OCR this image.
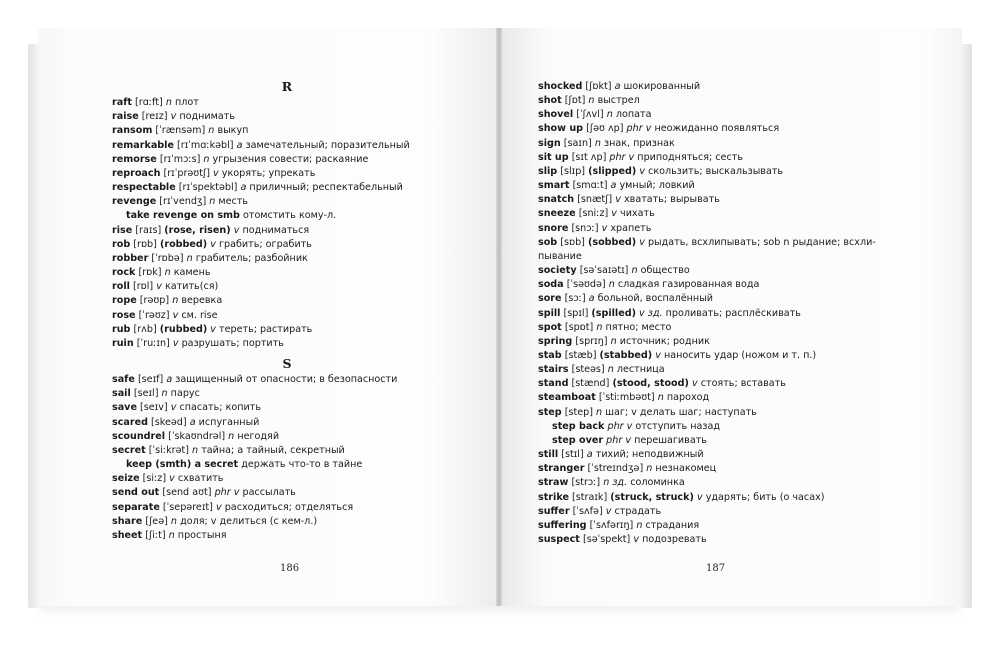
R
raft [rɑːft] n плот
raise [reɪz] v поднимать
ransom [ˈrænsəm] n выкуп
remarkable [rɪˈmɑːkəbl] a замечательный; поразительный
remorse [rɪˈmɔːs] n угрызения совести; раскаяние
reproach [rɪˈprəʊtʃ] v укорять; упрекать
respectable [rɪˈspektəbl] a приличный; респектабельный
revenge [rɪˈvendʒ] n месть
take revenge on smb отомстить кому-л.
rise [raɪs] (rose, risen) v подниматься
rob [rɒb] (robbed) v грабить; ограбить
robber [ˈrɒbə] n грабитель; разбойник
rock [rɒk] n камень
roll [rɒl] v катить(ся)
rope [rəʊp] n веревка
rose [ˈrəʊz] v см. rise
rub [rʌb] (rubbed) v тереть; растирать
ruin [ˈruːɪn] v разрушать; портить
S
safe [seɪf] a защищенный от опасности; в безопасности
sail [seɪl] n парус
save [seɪv] v спасать; копить
scared [skeəd] a испуганный
scoundrel [ˈskaʊndrəl] n негодяй
secret [ˈsiːkrət] n тайна; a тайный, секретный
keep (smth) a secret держать что-то в тайне
seize [siːz] v схватить
send out [send aʊt] phr v рассылать
separate [ˈsepəreɪt] v расходиться; отделяться
share [ʃeə] n доля; v делиться (с кем-л.)
sheet [ʃiːt] n простыня
shocked [ʃɒkt] a шокированный
shot [ʃɒt] n выстрел
shovel [ˈʃʌvl] n лопата
show up [ʃəʊ ʌp] phr v неожиданно появляться
sign [saɪn] n знак, признак
sit up [sɪt ʌp] phr v приподняться; сесть
slip [slɪp] (slipped) v скользить; выскальзывать
smart [smɑːt] a умный; ловкий
snatch [snætʃ] v хватать; вырывать
sneeze [sniːz] v чихать
snore [snɔː] v храпеть
sob [sɒb] (sobbed) v рыдать, всхлипывать; sob n рыдание; всхли-
пывание
society [səˈsaɪətɪ] n общество
soda [ˈsəʊdə] n сладкая газированная вода
sore [sɔː] a больной, воспалённый
spill [spɪl] (spilled) v зд. проливать; расплёскивать
spot [spɒt] n пятно; место
spring [sprɪŋ] n источник; родник
stab [stæb] (stabbed) v наносить удар (ножом и т. п.)
stairs [steəs] n лестница
stand [stænd] (stood, stood) v стоять; вставать
steamboat [ˈstiːmbəʊt] n пароход
step [step] n шаг; v делать шаг; наступать
step back phr v отступить назад
step over phr v перешагивать
still [stɪl] a тихий; неподвижный
stranger [ˈstreɪndʒə] n незнакомец
straw [strɔː] n зд. соломинка
strike [straɪk] (struck, struck) v ударять; бить (о часах)
suffer [ˈsʌfə] v страдать
suffering [ˈsʌfərɪŋ] n страдания
suspect [səˈspekt] v подозревать
186	187
